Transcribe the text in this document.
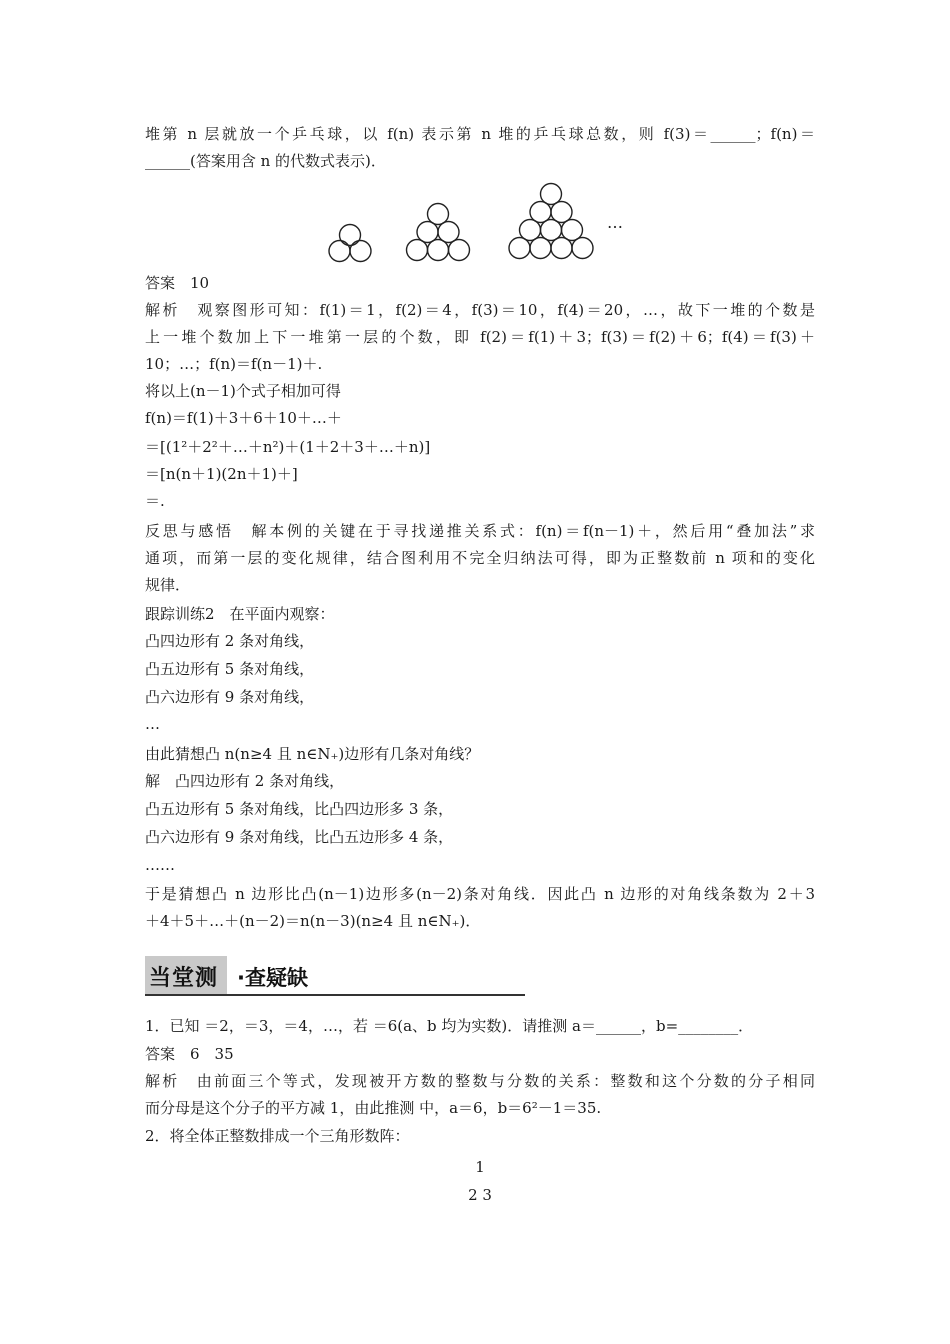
…
当堂测 ·查疑缺
1
2 3
堆第 n 层就放一个乒乓球，以 f(n) 表示第 n 堆的乒乓球总数，则 f(3)＝______；f(n)＝
______(答案用含 n 的代数式表示)．
答案　10
解析　观察图形可知：f(1)＝1，f(2)＝4，f(3)＝10，f(4)＝20，…，故下一堆的个数是
上一堆个数加上下一堆第一层的个数，即 f(2)＝f(1)＋3；f(3)＝f(2)＋6；f(4)＝f(3)＋
10；…；f(n)＝f(n－1)＋.
将以上(n－1)个式子相加可得
f(n)＝f(1)＋3＋6＋10＋…＋
＝[(1²＋2²＋…＋n²)＋(1＋2＋3＋…＋n)]
＝[n(n＋1)(2n＋1)＋]
＝.
反思与感悟　解本例的关键在于寻找递推关系式：f(n)＝f(n－1)＋，然后用“叠加法”求
通项，而第一层的变化规律，结合图利用不完全归纳法可得，即为正整数前 n 项和的变化
规律．
跟踪训练2　在平面内观察：
凸四边形有 2 条对角线，
凸五边形有 5 条对角线，
凸六边形有 9 条对角线，
…
由此猜想凸 n(n≥4 且 n∈N₊)边形有几条对角线？
解　凸四边形有 2 条对角线，
凸五边形有 5 条对角线，比凸四边形多 3 条，
凸六边形有 9 条对角线，比凸五边形多 4 条，
……
于是猜想凸 n 边形比凸(n－1)边形多(n－2)条对角线．因此凸 n 边形的对角线条数为 2＋3
＋4＋5＋…＋(n－2)＝n(n－3)(n≥4 且 n∈N₊)．
1．已知 ＝2，＝3，＝4，…，若 ＝6(a、b 均为实数)．请推测 a＝______，b=________．
答案　6　35
解析　由前面三个等式，发现被开方数的整数与分数的关系：整数和这个分数的分子相同
而分母是这个分子的平方减 1，由此推测 中，a＝6，b＝6²－1＝35.
2．将全体正整数排成一个三角形数阵：
